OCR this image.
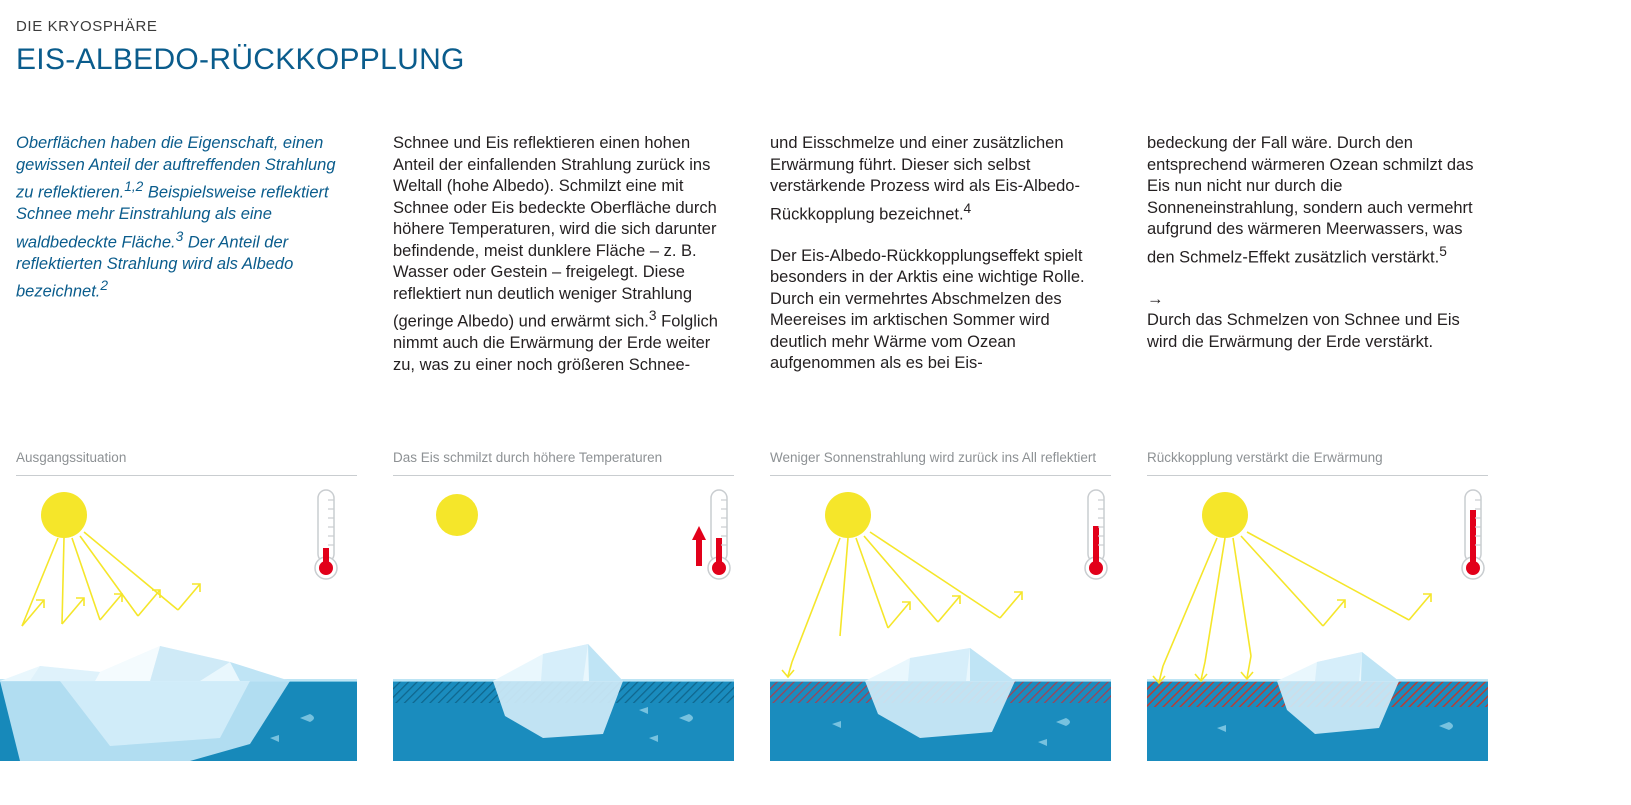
DIE KRYOSPHÄRE
EIS-ALBEDO-RÜCKKOPPLUNG
Oberflächen haben die Eigenschaft, einen gewissen Anteil der auftreffenden Strahlung zu reflektieren.$^{1,2}$ Beispielsweise reflektiert Schnee mehr Einstrahlung als eine waldbedeckte Fläche.$^3$ Der Anteil der reflektierten Strahlung wird als Albedo bezeichnet.$^2$

Schnee und Eis reflektieren einen hohen Anteil der einfallenden Strahlung zurück ins Weltall (hohe Albedo). Schmilzt eine mit Schnee oder Eis bedeckte Oberfläche durch höhere Temperaturen, wird die sich darunter befindende, meist dunklere Fläche – z. B. Wasser oder Gestein – freigelegt. Diese reflektiert nun deutlich weniger Strahlung (geringe Albedo) und erwärmt sich.$^3$ Folglich nimmt auch die Erwärmung der Erde weiter zu, was zu einer noch größeren Schnee-

und Eisschmelze und einer zusätzlichen Erwärmung führt. Dieser sich selbst verstärkende Prozess wird als Eis-Albedo-Rückkopplung bezeichnet.$^4$

Der Eis-Albedo-Rückkopplungseffekt spielt besonders in der Arktis eine wichtige Rolle. Durch ein vermehrtes Abschmelzen des Meereises im arktischen Sommer wird deutlich mehr Wärme vom Ozean aufgenommen als es bei Eis-

bedeckung der Fall wäre. Durch den entsprechend wärmeren Ozean schmilzt das Eis nun nicht nur durch die Sonneneinstrahlung, sondern auch vermehrt aufgrund des wärmeren Meerwassers, was den Schmelz-Effekt zusätzlich verstärkt.$^5$

→

Durch das Schmelzen von Schnee und Eis wird die Erwärmung der Erde verstärkt.

Ausgangssituation	Das Eis schmilzt durch höhere Temperaturen	Weniger Sonnenstrahlung wird zurück ins All reflektiert	Rückkopplung verstärkt die Erwärmung
